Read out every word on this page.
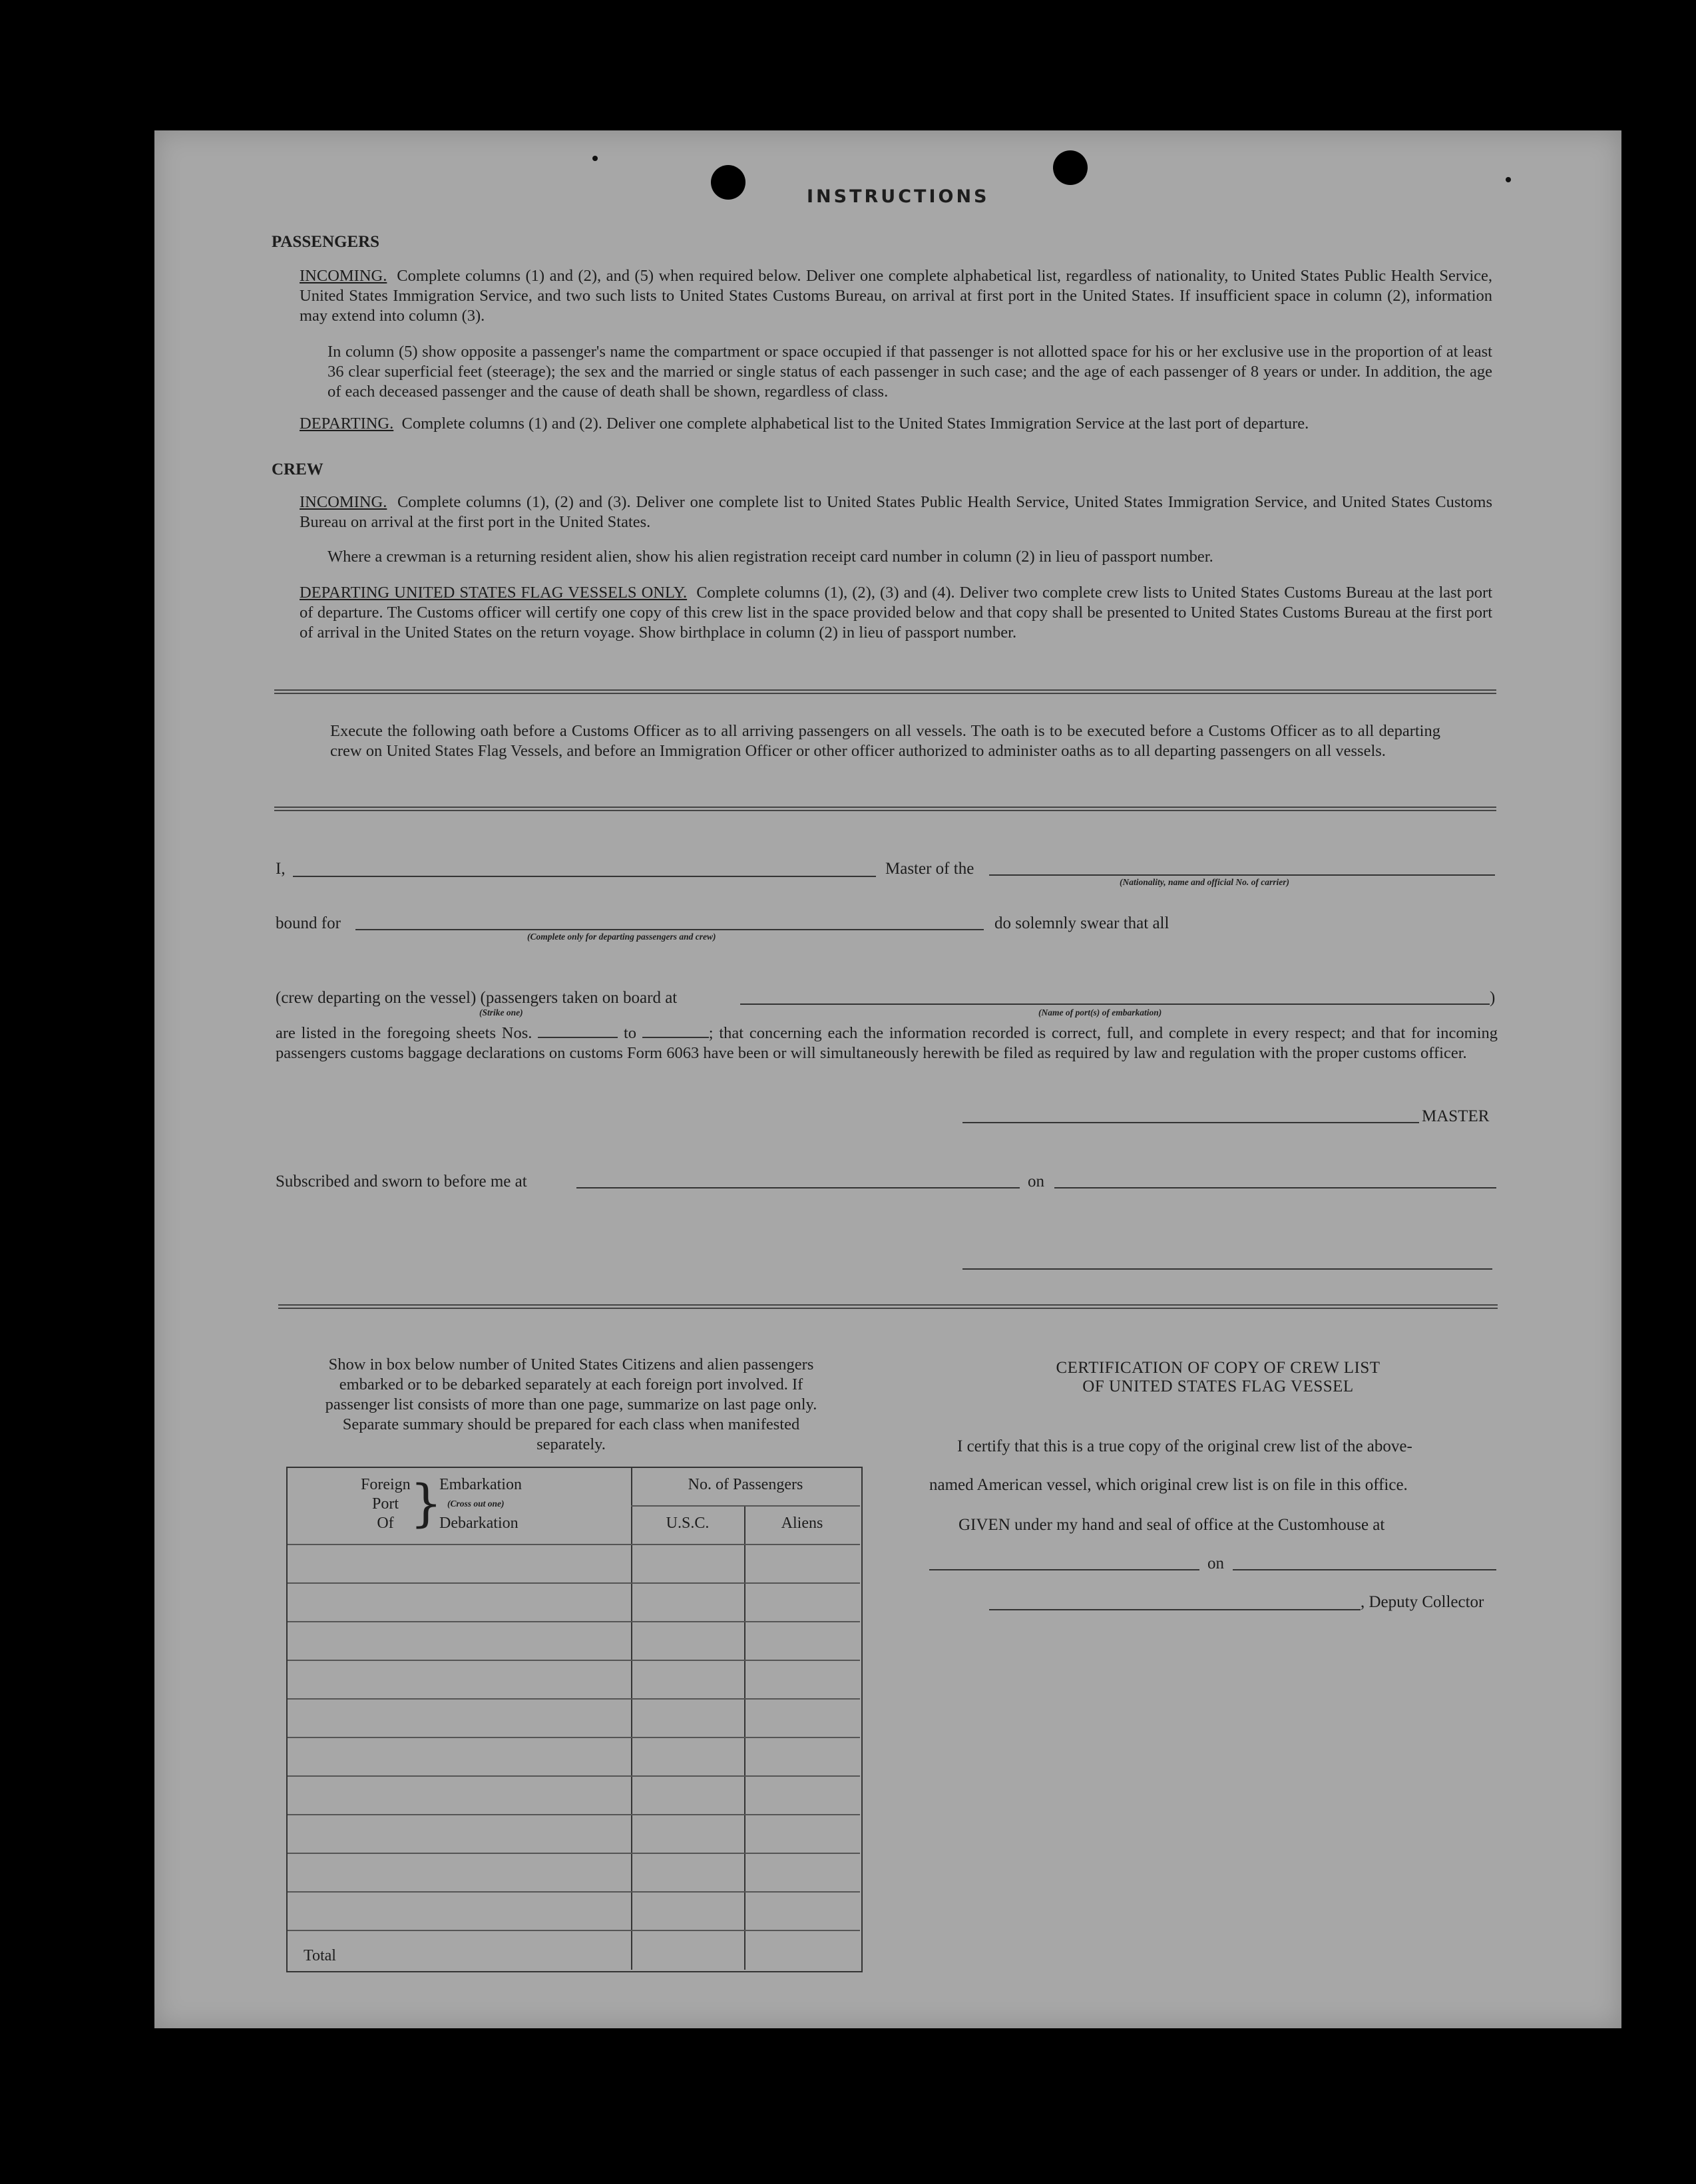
INSTRUCTIONS
PASSENGERS
INCOMING. Complete columns (1) and (2), and (5) when required below. Deliver one complete alphabetical list, regardless of nationality, to United States Public Health Service, United States Immigration Service, and two such lists to United States Customs Bureau, on arrival at first port in the United States. If insufficient space in column (2), information may extend into column (3).
In column (5) show opposite a passenger's name the compartment or space occupied if that passenger is not allotted space for his or her exclusive use in the proportion of at least 36 clear superficial feet (steerage); the sex and the married or single status of each passenger in such case; and the age of each passenger of 8 years or under. In addition, the age of each deceased passenger and the cause of death shall be shown, regardless of class.
DEPARTING. Complete columns (1) and (2). Deliver one complete alphabetical list to the United States Immigration Service at the last port of departure.
CREW
INCOMING. Complete columns (1), (2) and (3). Deliver one complete list to United States Public Health Service, United States Immigration Service, and United States Customs Bureau on arrival at the first port in the United States.
Where a crewman is a returning resident alien, show his alien registration receipt card number in column (2) in lieu of passport number.
DEPARTING UNITED STATES FLAG VESSELS ONLY. Complete columns (1), (2), (3) and (4). Deliver two complete crew lists to United States Customs Bureau at the last port of departure. The Customs officer will certify one copy of this crew list in the space provided below and that copy shall be presented to United States Customs Bureau at the first port of arrival in the United States on the return voyage. Show birthplace in column (2) in lieu of passport number.
Execute the following oath before a Customs Officer as to all arriving passengers on all vessels. The oath is to be executed before a Customs Officer as to all departing crew on United States Flag Vessels, and before an Immigration Officer or other officer authorized to administer oaths as to all departing passengers on all vessels.
I,	Master of the
(Nationality, name and official No. of carrier)
bound for
(Complete only for departing passengers and crew)
do solemnly swear that all
(crew departing on the vessel) (passengers taken on board at
(Strike one)	(Name of port(s) of embarkation)
)
are listed in the foregoing sheets Nos.	to	; that concerning each the information recorded is correct, full, and complete in every respect; and that for incoming passengers customs baggage declarations on customs Form 6063 have been or will simultaneously herewith be filed as required by law and regulation with the proper customs officer.
MASTER
Subscribed and sworn to before me at	on
Show in box below number of United States Citizens and alien passengers embarked or to be debarked separately at each foreign port involved. If passenger list consists of more than one page, summarize on last page only. Separate summary should be prepared for each class when manifested separately.
Foreign
Port
Of }
Embarkation
(Cross out one)
Debarkation
No. of Passengers
U.S.C.	Aliens
Total
CERTIFICATION OF COPY OF CREW LIST
OF UNITED STATES FLAG VESSEL
I certify that this is a true copy of the original crew list of the above-
named American vessel, which original crew list is on file in this office.
GIVEN under my hand and seal of office at the Customhouse at
on
, Deputy Collector
